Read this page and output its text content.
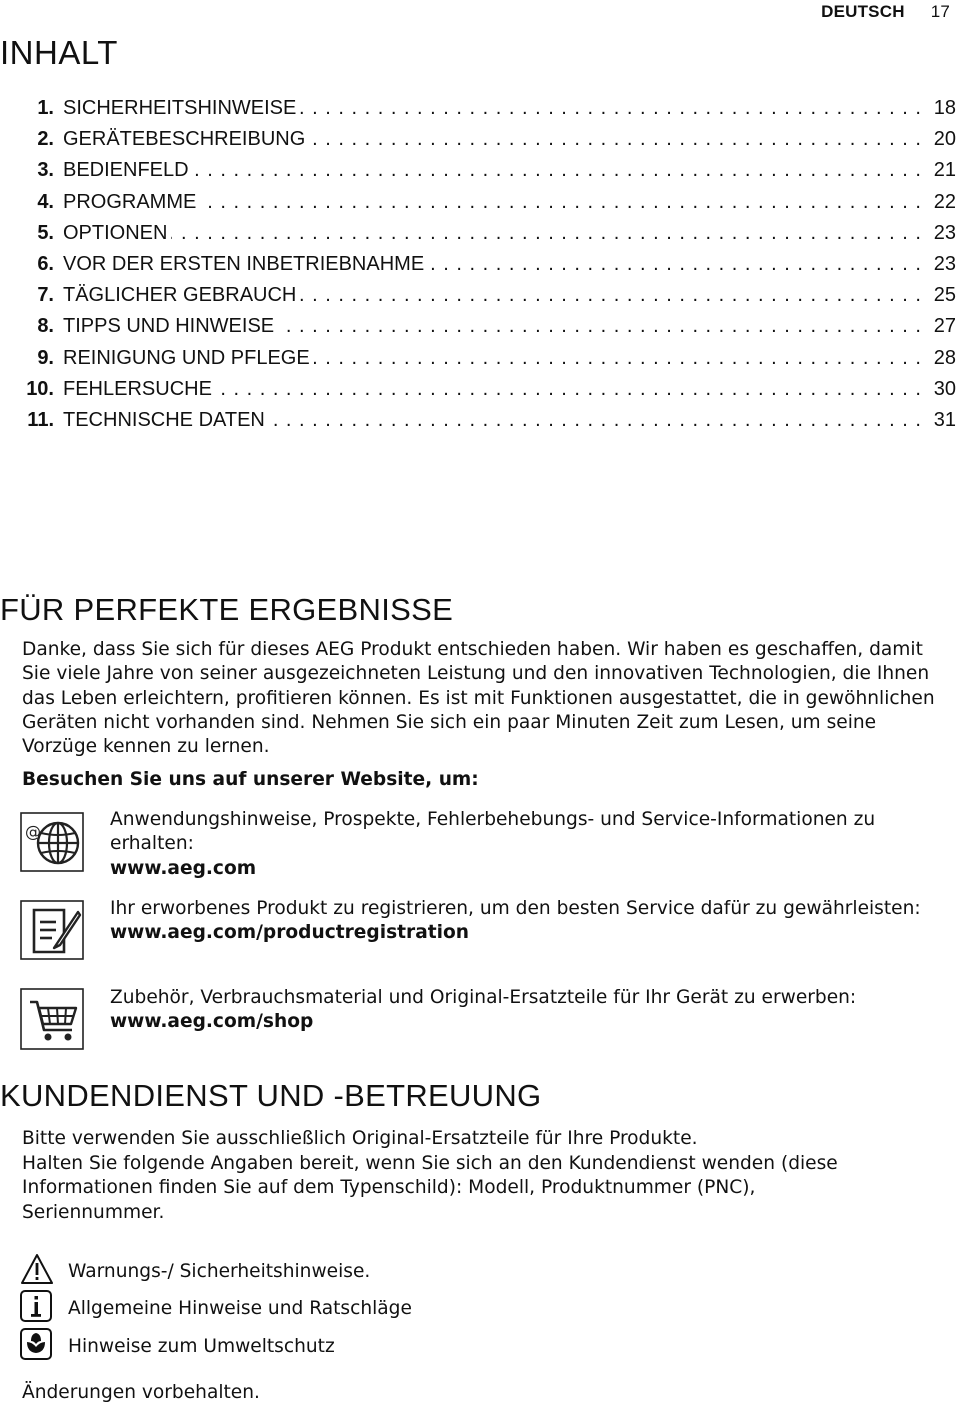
DEUTSCH 17
INHALT
1. SICHERHEITSHINWEISE . . .	18
2. GERÄTEBESCHREIBUNG . . .	20
3. BEDIENFELD . . .	21
4. PROGRAMME . . .	22
5. OPTIONEN . . .	23
6. VOR DER ERSTEN INBETRIEBNAHME . . .	23
7. TÄGLICHER GEBRAUCH . . .	25
8. TIPPS UND HINWEISE . . .	27
9. REINIGUNG UND PFLEGE . . .	28
10. FEHLERSUCHE . . .	30
11. TECHNISCHE DATEN . . .	31
FÜR PERFEKTE ERGEBNISSE
Danke, dass Sie sich für dieses AEG Produkt entschieden haben. Wir haben es geschaffen, damit Sie viele Jahre von seiner ausgezeichneten Leistung und den innovativen Technologien, die Ihnen das Leben erleichtern, profitieren können. Es ist mit Funktionen ausgestattet, die in gewöhnlichen Geräten nicht vorhanden sind. Nehmen Sie sich ein paar Minuten Zeit zum Lesen, um seine Vorzüge kennen zu lernen.
Besuchen Sie uns auf unserer Website, um:
@
Anwendungshinweise, Prospekte, Fehlerbehebungs- und Service-Informationen zu erhalten:
www.aeg.com
Ihr erworbenes Produkt zu registrieren, um den besten Service dafür zu gewährleisten:
www.aeg.com/productregistration
Zubehör, Verbrauchsmaterial und Original-Ersatzteile für Ihr Gerät zu erwerben:
www.aeg.com/shop
KUNDENDIENST UND -BETREUUNG
Bitte verwenden Sie ausschließlich Original-Ersatzteile für Ihre Produkte.
Halten Sie folgende Angaben bereit, wenn Sie sich an den Kundendienst wenden (diese Informationen finden Sie auf dem Typenschild): Modell, Produktnummer (PNC), Seriennummer.
Warnungs-/ Sicherheitshinweise.
Allgemeine Hinweise und Ratschläge
Hinweise zum Umweltschutz
Änderungen vorbehalten.
